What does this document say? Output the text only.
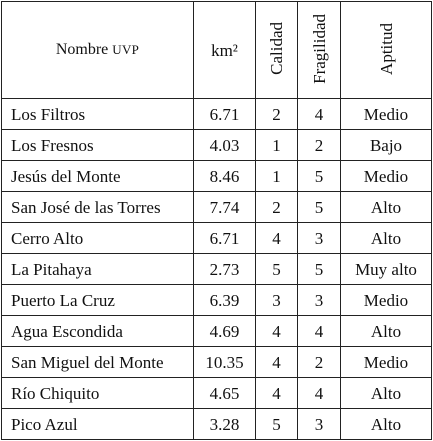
Nombre UVP	km²	Calidad	Fragilidad	Aptitud
Los Filtros	6.71	2	4	Medio
Los Fresnos	4.03	1	2	Bajo
Jesús del Monte	8.46	1	5	Medio
San José de las Torres	7.74	2	5	Alto
Cerro Alto	6.71	4	3	Alto
La Pitahaya	2.73	5	5	Muy alto
Puerto La Cruz	6.39	3	3	Medio
Agua Escondida	4.69	4	4	Alto
San Miguel del Monte	10.35	4	2	Medio
Río Chiquito	4.65	4	4	Alto
Pico Azul	3.28	5	3	Alto
